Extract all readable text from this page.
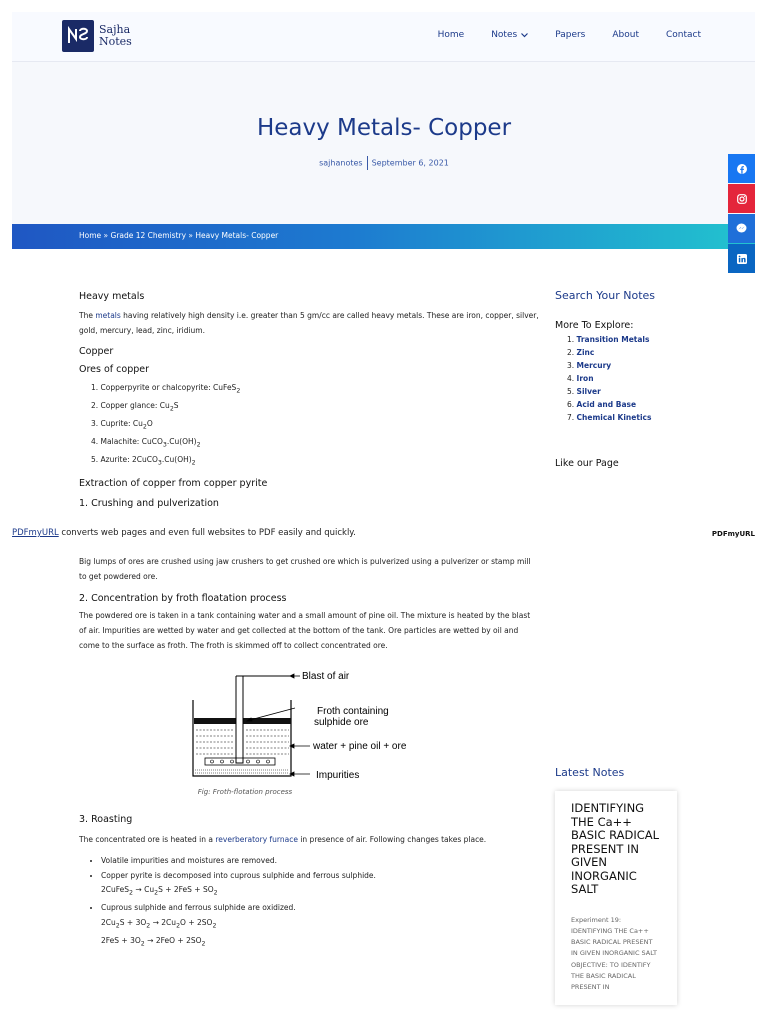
Sajha
Notes	Home	Notes	Papers	About	Contact
Heavy Metals- Copper
sajhanotes September 6, 2021
Home » Grade 12 Chemistry » Heavy Metals- Copper
Heavy metals

The metals having relatively high density i.e. greater than 5 gm/cc are called heavy metals. These are iron, copper, silver, gold, mercury, lead, zinc, iridium.

Copper
Ores of copper
1. Copperpyrite or chalcopyrite: CuFeS$_2$
2. Copper glance: $Cu_2S$
3. Cuprite: $Cu_2O$
4. Malachite: $CuCO_3.Cu(OH)_2$
5. Azurite: $2CuCO_3.Cu(OH)_2$
Extraction of copper from copper pyrite
1. Crushing and pulverization
PDFmyURL converts web pages and even full websites to PDF easily and quickly.	PDFmyURL

Big lumps of ores are crushed using jaw crushers to get crushed ore which is pulverized using a pulverizer or stamp mill to get powdered ore.

2. Concentration by froth floatation process

The powdered ore is taken in a tank containing water and a small amount of pine oil. The mixture is heated by the blast of air. Impurities are wetted by water and get collected at the bottom of the tank. Ore particles are wetted by oil and come to the surface as froth. The froth is skimmed off to collect concentrated ore.

Blast of air
Froth containing
sulphide ore
water + pine oil + ore
Impurities
Fig: Froth-flotation process
3. Roasting

The concentrated ore is heated in a reverberatory furnace in presence of air. Following changes takes place.

• Volatile impurities and moistures are removed.
• Copper pyrite is decomposed into cuprous sulphide and ferrous sulphide.
2CuFeS$_2$ → $Cu_2S + 2FeS + SO_2$
• Cuprous sulphide and ferrous sulphide are oxidized.
$2Cu_2S + 3O_2 \to 2Cu_2O + 2SO_2$
$2FeS + 3O_2 \to 2FeO + 2SO_2$
Search Your Notes
More To Explore:
1. Transition Metals
2. Zinc
3. Mercury
4. Iron
5. Silver
6. Acid and Base
7. Chemical Kinetics
Like our Page
Latest Notes
IDENTIFYING THE Ca++ BASIC RADICAL PRESENT IN GIVEN INORGANIC SALT
Experiment 19: IDENTIFYING THE Ca++ BASIC RADICAL PRESENT IN GIVEN INORGANIC SALT OBJECTIVE: TO IDENTIFY THE BASIC RADICAL PRESENT IN
